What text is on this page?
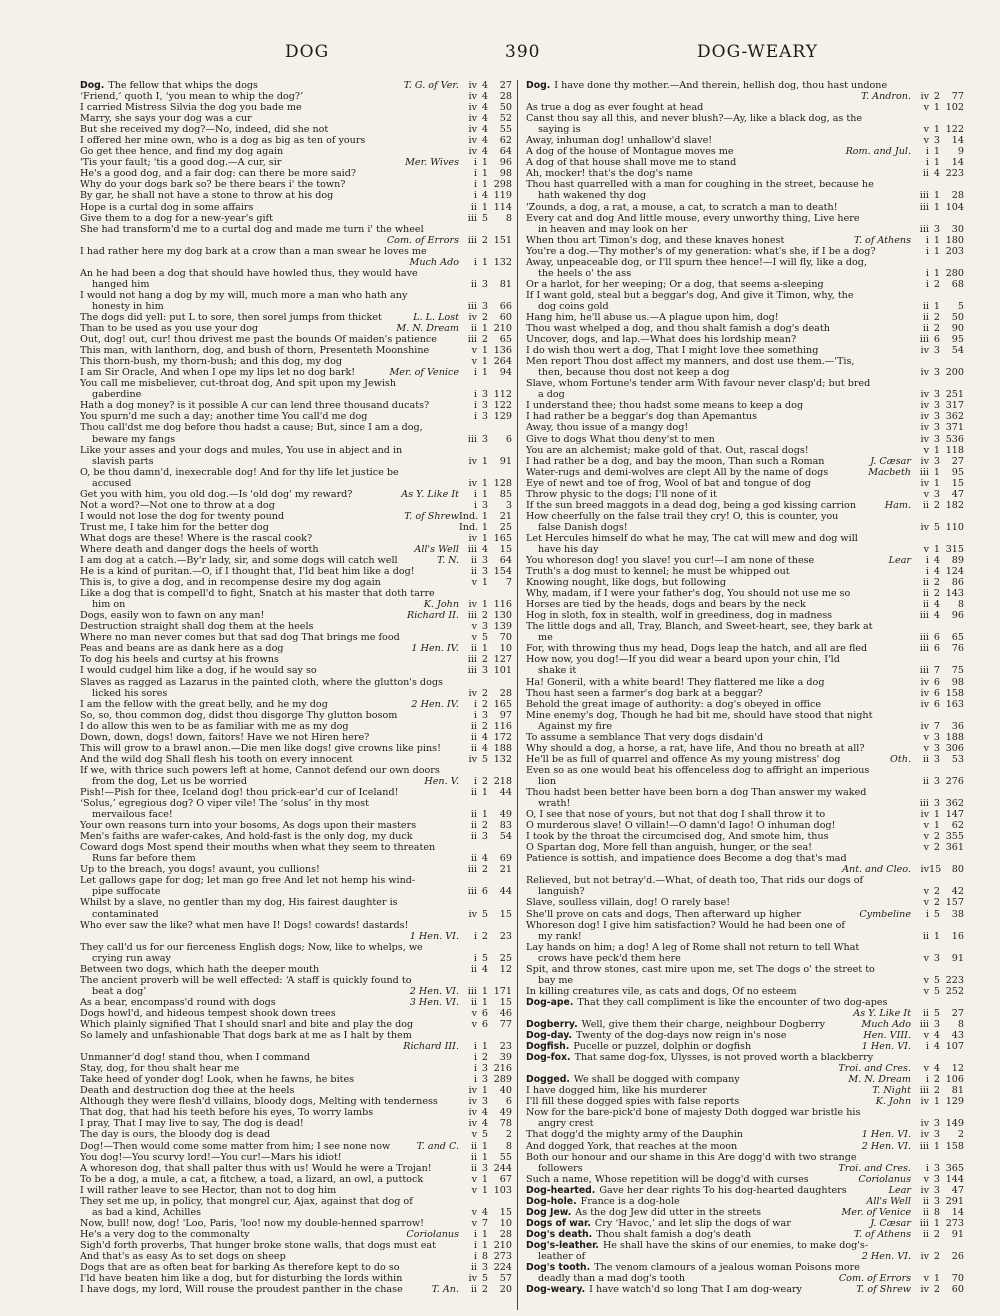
DOG	390	DOG-WEARY
Dog. The fellow that whips the dogs	T. G. of Ver. iv 4	27
‘Friend,’ quoth I, ‘you mean to whip the dog?’	iv 4	28
I carried Mistress Silvia the dog you bade me	iv 4	50
Marry, she says your dog was a cur	iv 4	52
But she received my dog?—No, indeed, did she not	iv 4	55
I offered her mine own, who is a dog as big as ten of yours	iv 4	62
Go get thee hence, and find my dog again	iv 4	64
'Tis your fault; 'tis a good dog.—A cur, sir	Mer. Wives	i 1	96
He's a good dog, and a fair dog: can there be more said?	i 1	98
Why do your dogs bark so? be there bears i' the town?	i 1 298
By gar, he shall not have a stone to throw at his dog	i 4 119
Hope is a curtal dog in some affairs	ii 1 114
Give them to a dog for a new-year's gift	iii 5	8
She had transform'd me to a curtal dog and made me turn i' the wheel
Com. of Errors iii 2 151
I had rather here my dog bark at a crow than a man swear he loves me
Much Ado	i 1 132
An he had been a dog that should have howled thus, they would have
hanged him	ii 3	81
I would not hang a dog by my will, much more a man who hath any
honesty in him	iii 3	66
The dogs did yell: put L to sore, then sorel jumps from thicket	L. L. Lost iv 2	60
Than to be used as you use your dog	M. N. Dream	ii 1 210
Out, dog! out, cur! thou drivest me past the bounds Of maiden's patience	iii 2	65
This man, with lanthorn, dog, and bush of thorn, Presenteth Moonshine	v 1 136
This thorn-bush, my thorn-bush; and this dog, my dog	v 1 264
I am Sir Oracle, And when I ope my lips let no dog bark!	Mer. of Venice	i 1	94
You call me misbeliever, cut-throat dog, And spit upon my Jewish
gaberdine	i 3 112
Hath a dog money? is it possible A cur can lend three thousand ducats?	i 3 122
You spurn'd me such a day; another time You call'd me dog	i 3 129
Thou call'dst me dog before thou hadst a cause; But, since I am a dog,
beware my fangs	iii 3	6
Like your asses and your dogs and mules, You use in abject and in
slavish parts	iv 1	91
O, be thou damn'd, inexecrable dog! And for thy life let justice be
accused	iv 1 128
Get you with him, you old dog.—Is 'old dog' my reward?	As Y. Like It	i 1	85
Not a word?—Not one to throw at a dog	i 3	3
I would not lose the dog for twenty pound	T. of Shrew Ind. 1	21
Trust me, I take him for the better dog	Ind. 1	25
What dogs are these! Where is the rascal cook?	iv 1 165
Where death and danger dogs the heels of worth	All's Well iii 4	15
I am dog at a catch.—By'r lady, sir, and some dogs will catch well	T. N.	ii 3	64
He is a kind of puritan.—O, if I thought that, I'ld beat him like a dog!	ii 3 154
This is, to give a dog, and in recompense desire my dog again	v 1	7
Like a dog that is compell'd to fight, Snatch at his master that doth tarre
him on	K. John iv 1 116
Dogs, easily won to fawn on any man!	Richard II. iii 2 130
Destruction straight shall dog them at the heels	v 3 139
Where no man never comes but that sad dog That brings me food	v 5	70
Peas and beans are as dank here as a dog	1 Hen. IV.	ii 1	10
To dog his heels and curtsy at his frowns	iii 2 127
I would cudgel him like a dog, if he would say so	iii 3 101
Slaves as ragged as Lazarus in the painted cloth, where the glutton's dogs
licked his sores	iv 2	28
I am the fellow with the great belly, and he my dog	2 Hen. IV.	i 2 165
So, so, thou common dog, didst thou disgorge Thy glutton bosom	i 3	97
I do allow this wen to be as familiar with me as my dog	ii 2 116
Down, down, dogs! down, faitors! Have we not Hiren here?	ii 4 172
This will grow to a brawl anon.—Die men like dogs! give crowns like pins!	ii 4 188
And the wild dog Shall flesh his tooth on every innocent	iv 5 132
If we, with thrice such powers left at home, Cannot defend our own doors
from the dog, Let us be worried	Hen. V.	i 2 218
Pish!—Pish for thee, Iceland dog! thou prick-ear'd cur of Iceland!	ii 1	44
‘Solus,’ egregious dog? O viper vile! The ‘solus’ in thy most
mervailous face!	ii 1	49
Your own reasons turn into your bosoms, As dogs upon their masters	ii 2	83
Men's faiths are wafer-cakes, And hold-fast is the only dog, my duck	ii 3	54
Coward dogs Most spend their mouths when what they seem to threaten
Runs far before them	ii 4	69
Up to the breach, you dogs! avaunt, you cullions!	iii 2	21
Let gallows gape for dog; let man go free And let not hemp his wind-
pipe suffocate	iii 6	44
Whilst by a slave, no gentler than my dog, His fairest daughter is
contaminated	iv 5	15
Who ever saw the like? what men have I! Dogs! cowards! dastards!
1 Hen. VI.	i 2	23
They call'd us for our fierceness English dogs; Now, like to whelps, we
crying run away	i 5	25
Between two dogs, which hath the deeper mouth	ii 4	12
The ancient proverb will be well effected: ‘A staff is quickly found to
beat a dog’	2 Hen. VI. iii 1 171
As a bear, encompass'd round with dogs	3 Hen. VI.	ii 1	15
Dogs howl'd, and hideous tempest shook down trees	v 6	46
Which plainly signified That I should snarl and bite and play the dog	v 6	77
So lamely and unfashionable That dogs bark at me as I halt by them
Richard III.	i 1	23
Unmanner'd dog! stand thou, when I command	i 2	39
Stay, dog, for thou shalt hear me	i 3 216
Take heed of yonder dog! Look, when he fawns, he bites	i 3 289
Death and destruction dog thee at the heels	iv 1	40
Although they were flesh'd villains, bloody dogs, Melting with tenderness	iv 3	6
That dog, that had his teeth before his eyes, To worry lambs	iv 4	49
I pray, That I may live to say, The dog is dead!	iv 4	78
The day is ours, the bloody dog is dead	v 5	2
Dog!—Then would come some matter from him; I see none now	T. and C.	ii 1	8
You dog!—You scurvy lord!—You cur!—Mars his idiot!	ii 1	55
A whoreson dog, that shall palter thus with us! Would he were a Trojan!	ii 3 244
To be a dog, a mule, a cat, a fitchew, a toad, a lizard, an owl, a puttock	v 1	67
I will rather leave to see Hector, than not to dog him	v 1 103
They set me up, in policy, that mongrel cur, Ajax, against that dog of
as bad a kind, Achilles	v 4	15
Now, bull! now, dog! 'Loo, Paris, 'loo! now my double-henned sparrow!	v 7	10
He's a very dog to the commonalty	Coriolanus	i 1	28
Sigh'd forth proverbs, That hunger broke stone walls, that dogs must eat	i 1 210
And that's as easy As to set dogs on sheep	i 8 273
Dogs that are as often beat for barking As therefore kept to do so	ii 3 224
I'ld have beaten him like a dog, but for disturbing the lords within	iv 5	57
I have dogs, my lord, Will rouse the proudest panther in the chase	T. An.	ii 2	20
Dog. I have done thy mother.—And therein, hellish dog, thou hast undone
T. Andron. iv 2	77
As true a dog as ever fought at head	v 1 102
Canst thou say all this, and never blush?—Ay, like a black dog, as the
saying is	v 1 122
Away, inhuman dog! unhallow'd slave!	v 3	14
A dog of the house of Montague moves me	Rom. and Jul.	i 1	9
A dog of that house shall move me to stand	i 1	14
Ah, mocker! that's the dog's name	ii 4 223
Thou hast quarrelled with a man for coughing in the street, because he
hath wakened thy dog	iii 1	28
'Zounds, a dog, a rat, a mouse, a cat, to scratch a man to death!	iii 1 104
Every cat and dog And little mouse, every unworthy thing, Live here
in heaven and may look on her	iii 3	30
When thou art Timon's dog, and these knaves honest	T. of Athens	i 1 180
You're a dog.—Thy mother's of my generation: what's she, if I be a dog?	i 1 203
Away, unpeaceable dog, or I'll spurn thee hence!—I will fly, like a dog,
the heels o' the ass	i 1 280
Or a harlot, for her weeping; Or a dog, that seems a-sleeping	i 2	68
If I want gold, steal but a beggar's dog, And give it Timon, why, the
dog coins gold	ii 1	5
Hang him, he'll abuse us.—A plague upon him, dog!	ii 2	50
Thou wast whelped a dog, and thou shalt famish a dog's death	ii 2	90
Uncover, dogs, and lap.—What does his lordship mean?	iii 6	95
I do wish thou wert a dog, That I might love thee something	iv 3	54
Men report Thou dost affect my manners, and dost use them.—'Tis,
then, because thou dost not keep a dog	iv 3 200
Slave, whom Fortune's tender arm With favour never clasp'd; but bred
a dog	iv 3 251
I understand thee; thou hadst some means to keep a dog	iv 3 317
I had rather be a beggar's dog than Apemantus	iv 3 362
Away, thou issue of a mangy dog!	iv 3 371
Give to dogs What thou deny'st to men	iv 3 536
You are an alchemist; make gold of that. Out, rascal dogs!	v 1 118
I had rather be a dog, and bay the moon, Than such a Roman	J. Cæsar iv 3	27
Water-rugs and demi-wolves are clept All by the name of dogs	Macbeth iii 1	95
Eye of newt and toe of frog, Wool of bat and tongue of dog	iv 1	15
Throw physic to the dogs; I'll none of it	v 3	47
If the sun breed maggots in a dead dog, being a god kissing carrion	Ham.	ii 2 182
How cheerfully on the false trail they cry! O, this is counter, you
false Danish dogs!	iv 5 110
Let Hercules himself do what he may, The cat will mew and dog will
have his day	v 1 315
You whoreson dog! you slave! you cur!—I am none of these	Lear	i 4	89
Truth's a dog must to kennel; he must be whipped out	i 4 124
Knowing nought, like dogs, but following	ii 2	86
Why, madam, if I were your father's dog, You should not use me so	ii 2 143
Horses are tied by the heads, dogs and bears by the neck	ii 4	8
Hog in sloth, fox in stealth, wolf in greediness, dog in madness	iii 4	96
The little dogs and all, Tray, Blanch, and Sweet-heart, see, they bark at
me	iii 6	65
For, with throwing thus my head, Dogs leap the hatch, and all are fled	iii 6	76
How now, you dog!—If you did wear a beard upon your chin, I'ld
shake it	iii 7	75
Ha! Goneril, with a white beard! They flattered me like a dog	iv 6	98
Thou hast seen a farmer's dog bark at a beggar?	iv 6 158
Behold the great image of authority: a dog's obeyed in office	iv 6 163
Mine enemy's dog, Though he had bit me, should have stood that night
Against my fire	iv 7	36
To assume a semblance That very dogs disdain'd	v 3 188
Why should a dog, a horse, a rat, have life, And thou no breath at all?	v 3 306
He'll be as full of quarrel and offence As my young mistress' dog	Oth.	ii 3	53
Even so as one would beat his offenceless dog to affright an imperious
lion	ii 3 276
Thou hadst been better have been born a dog Than answer my waked
wrath!	iii 3 362
O, I see that nose of yours, but not that dog I shall throw it to	iv 1 147
O murderous slave! O villain!—O damn'd Iago! O inhuman dog!	v 1	62
I took by the throat the circumcised dog, And smote him, thus	v 2 355
O Spartan dog, More fell than anguish, hunger, or the sea!	v 2 361
Patience is sottish, and impatience does Become a dog that's mad
Ant. and Cleo. iv 15	80
Relieved, but not betray'd.—What, of death too, That rids our dogs of
languish?	v 2	42
Slave, soulless villain, dog! O rarely base!	v 2 157
She'll prove on cats and dogs, Then afterward up higher	Cymbeline	i 5	38
Whoreson dog! I give him satisfaction? Would he had been one of
my rank!	ii 1	16
Lay hands on him; a dog! A leg of Rome shall not return to tell What
crows have peck'd them here	v 3	91
Spit, and throw stones, cast mire upon me, set The dogs o' the street to
bay me	v 5 223
In killing creatures vile, as cats and dogs, Of no esteem	v 5 252
Dog-ape. That they call compliment is like the encounter of two dog-apes
As Y. Like It	ii 5	27
Dogberry. Well, give them their charge, neighbour Dogberry	Much Ado iii 3	8
Dog-day. Twenty of the dog-days now reign in's nose	Hen. VIII.	v 4	43
Dogfish. Pucelle or puzzel, dolphin or dogfish	1 Hen. VI.	i 4 107
Dog-fox. That same dog-fox, Ulysses, is not proved worth a blackberry
Troi. and Cres.	v 4	12
Dogged. We shall be dogged with company	M. N. Dream	i 2 106
I have dogged him, like his murderer	T. Night iii 2	81
I'll fill these dogged spies with false reports	K. John iv 1 129
Now for the bare-pick'd bone of majesty Doth dogged war bristle his
angry crest	iv 3 149
That dogg'd the mighty army of the Dauphin	1 Hen. VI. iv 3	2
And dogged York, that reaches at the moon	2 Hen. VI. iii 1 158
Both our honour and our shame in this Are dogg'd with two strange
followers	Troi. and Cres.	i 3 365
Such a name, Whose repetition will be dogg'd with curses	Coriolanus	v 3 144
Dog-hearted. Gave her dear rights To his dog-hearted daughters	Lear iv 3	47
Dog-hole. France is a dog-hole	All's Well	ii 3 291
Dog Jew. As the dog Jew did utter in the streets	Mer. of Venice	ii 8	14
Dogs of war. Cry ‘Havoc,’ and let slip the dogs of war	J. Cæsar iii 1 273
Dog's death. Thou shalt famish a dog's death	T. of Athens	ii 2	91
Dog's-leather. He shall have the skins of our enemies, to make dog's-
leather of	2 Hen. VI. iv 2	26
Dog's tooth. The venom clamours of a jealous woman Poisons more
deadly than a mad dog's tooth	Com. of Errors	v 1	70
Dog-weary. I have watch'd so long That I am dog-weary	T. of Shrew iv 2	60
